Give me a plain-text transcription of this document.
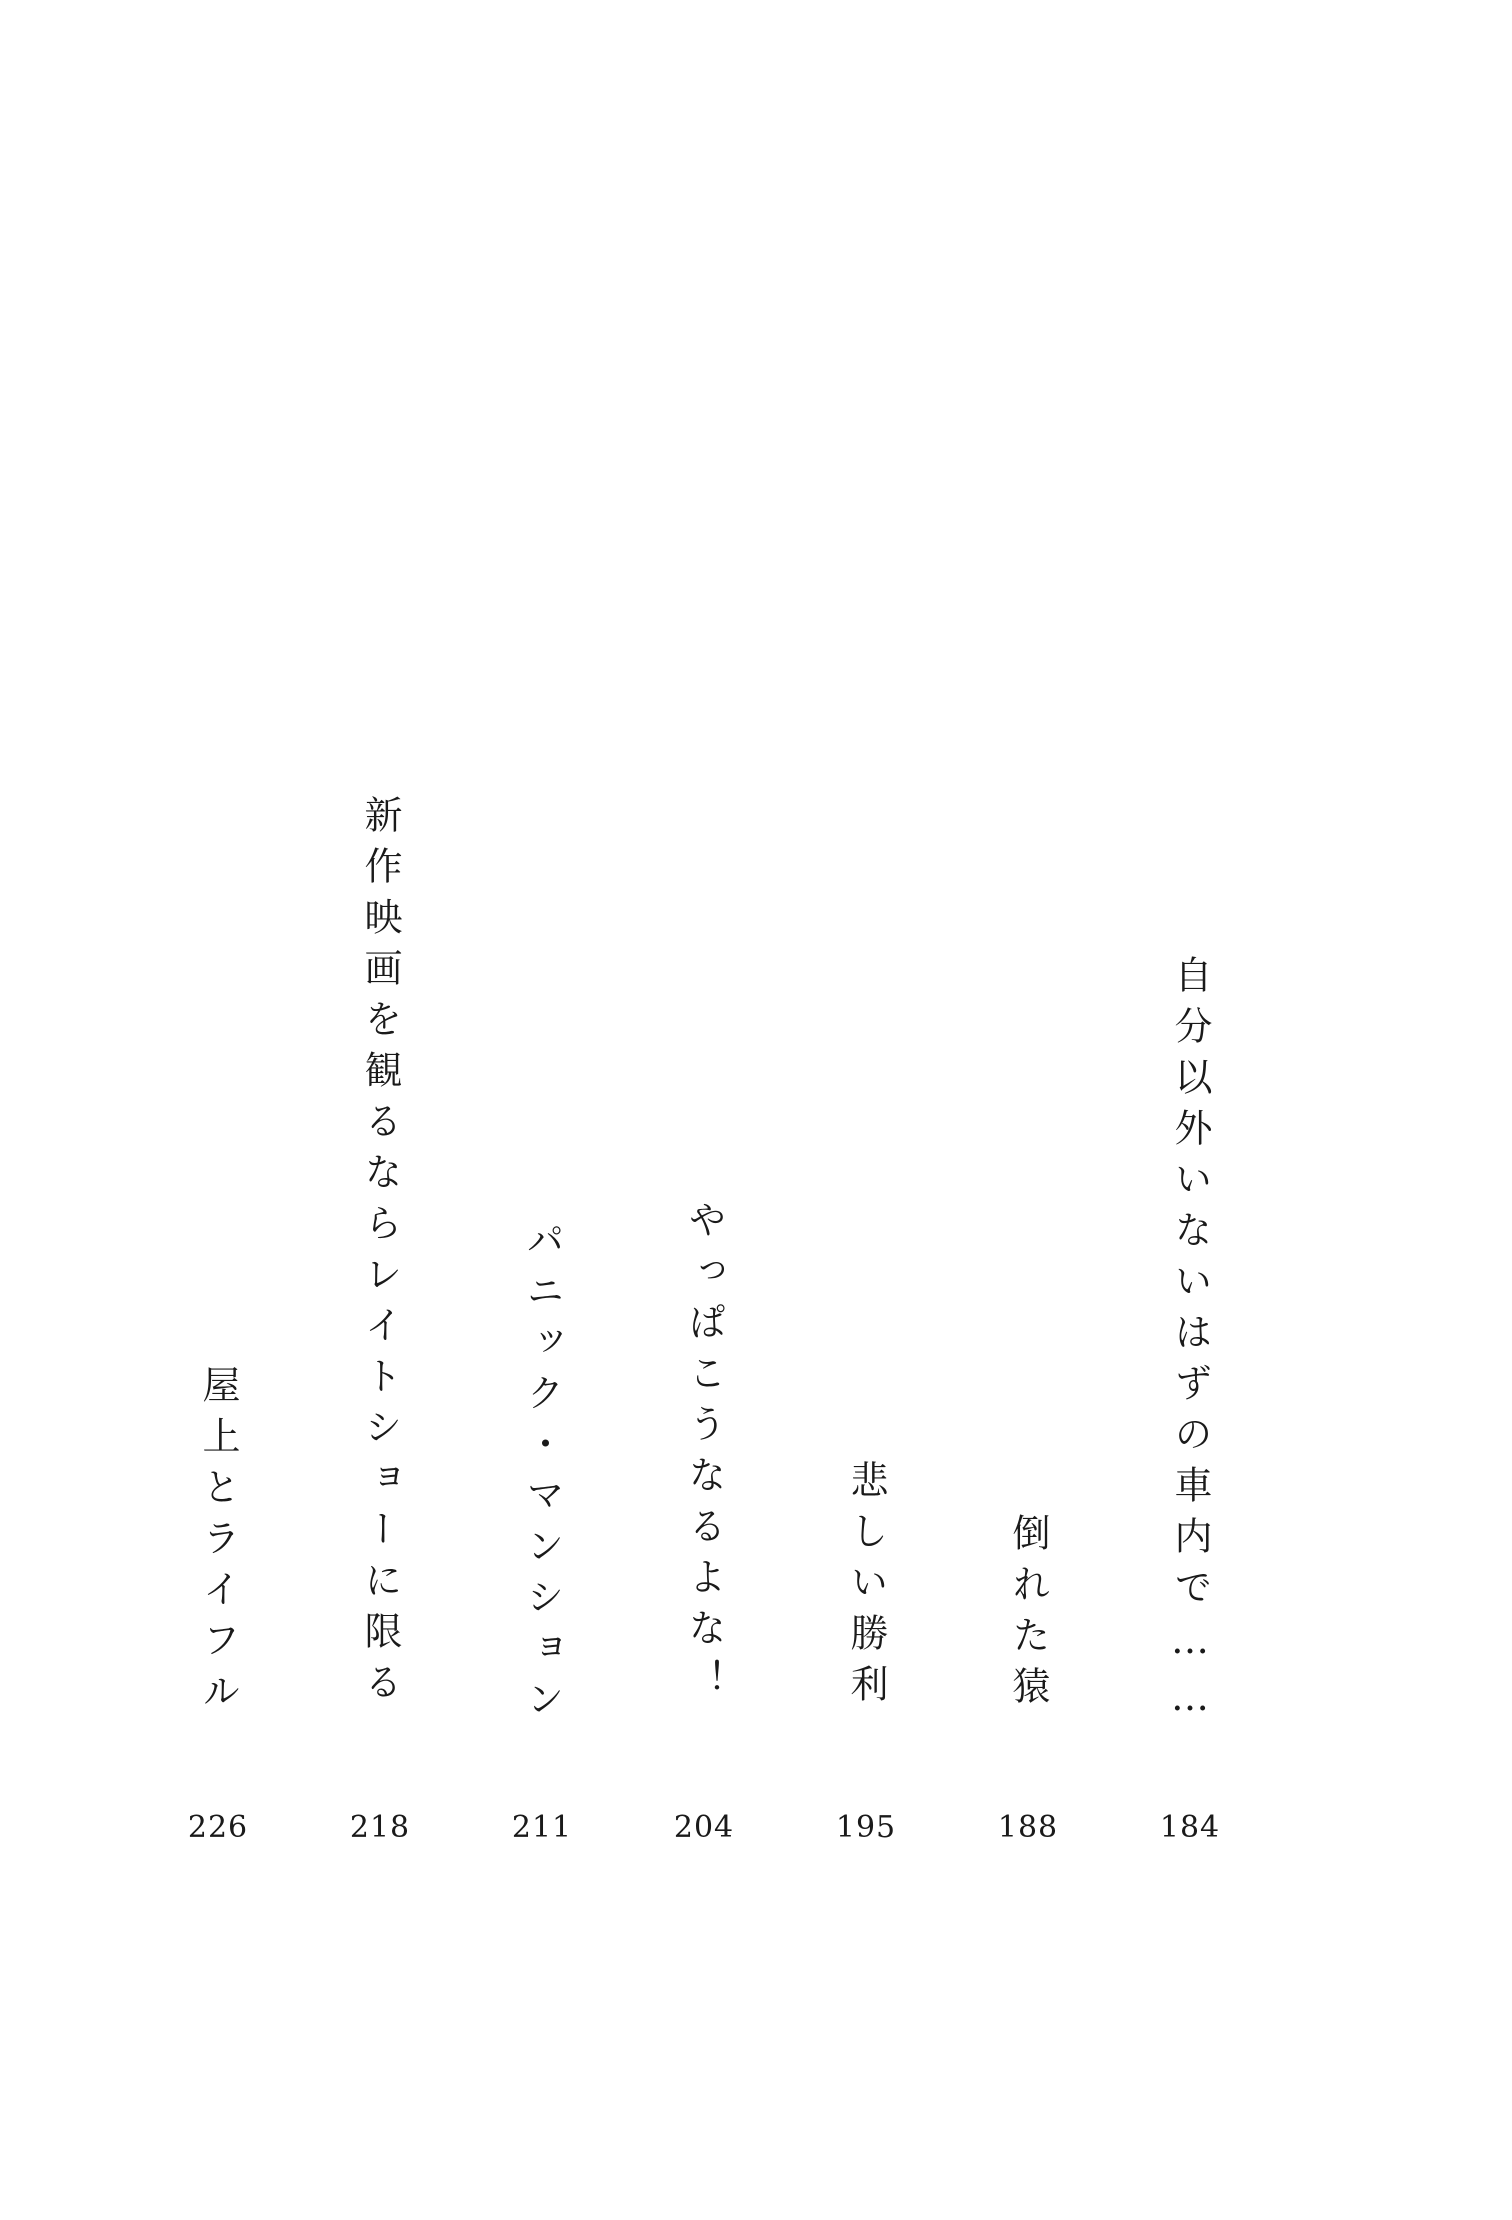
自分以外いないはずの車内で……
184
倒れた猿
188
悲しい勝利
195
やっぱこうなるよな！
204
パニック・マンション
211
新作映画を観るならレイトショーに限る
218
屋上とライフル
226
